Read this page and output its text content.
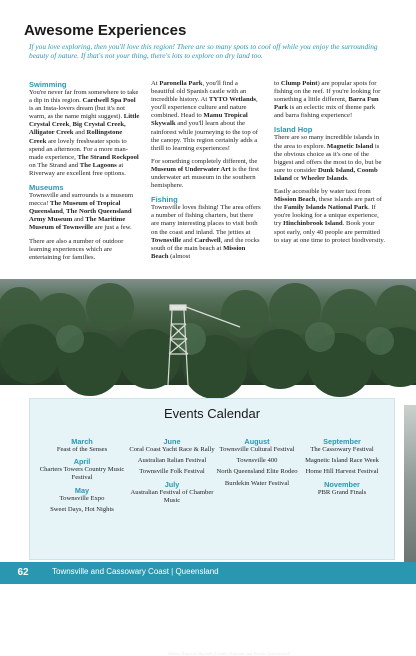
Awesome Experiences
If you love exploring, then you'll love this region! There are so many spots to cool off while you enjoy the surrounding beauty of nature. If that's not your thing, there's lots to explore on dry land too.
Swimming

You're never far from somewhere to take a dip in this region. Cardwell Spa Pool is an Insta-lovers dream (but it's not warm, as the name might suggest). Little Crystal Creek, Big Crystal Creek, Alligator Creek and Rollingstone Creek are lovely freshwater spots to spend an afternoon. For a more man-made experience, The Strand Rockpool on The Strand and The Lagoons at Riverway are excellent free options.

Museums

Townsville and surrounds is a museum mecca! The Museum of Tropical Queensland, The North Queensland Army Museum and The Maritime Museum of Townsville are just a few.

There are also a number of outdoor learning experiences which are entertaining for families.

At Paronella Park, you'll find a beautiful old Spanish castle with an incredible history. At TYTO Wetlands, you'll experience culture and nature combined. Head to Mamu Tropical Skywalk and you'll learn about the rainforest while journeying to the top of the canopy. This region certainly adds a thrill to learning experiences!

For something completely different, the Museum of Underwater Art is the first underwater art museum in the southern hemisphere.

Fishing

Townsville loves fishing! The area offers a number of fishing charters, but there are many interesting places to visit both on the coast and inland. The jetties at Townsville and Cardwell, and the rocks south of the main beach at Mission Beach (almost

to Clump Point) are popular spots for fishing on the reef. If you're looking for something a little different, Barra Fun Park is an eclectic mix of theme park and barra fishing experience!

Island Hop

There are so many incredible islands in the area to explore. Magnetic Island is the obvious choice as it's one of the biggest and offers the most to do, but be sure to consider Dunk Island, Coomb Island or Wheeler Islands.

Easily accessible by water taxi from Mission Beach, these islands are part of the Family Islands National Park. If you're looking for a unique experience, try Hinchinbrook Island. Book your spot early, only 40 people are permitted to stay at one time to protect biodiversity.

Mamu Tropical Skywalk (Credit: Tourism and Events Queensland)
Events Calendar
March
Feast of the Senses
April
Charters Towers Country Music Festival
May
Townsville Expo
Sweet Days, Hot Nights
June
Coral Coast Yacht Race & Rally
Australian Italian Festival
Townsville Folk Festival
July
Australian Festival of Chamber Music
August
Townsville Cultural Festival
Townsville 400
North Queensland Elite Rodeo
Burdekin Water Festival
September
The Cassowary Festival
Magnetic Island Race Week
Home Hill Harvest Festival
November
PBR Grand Finals
62	Townsville and Cassowary Coast | Queensland
